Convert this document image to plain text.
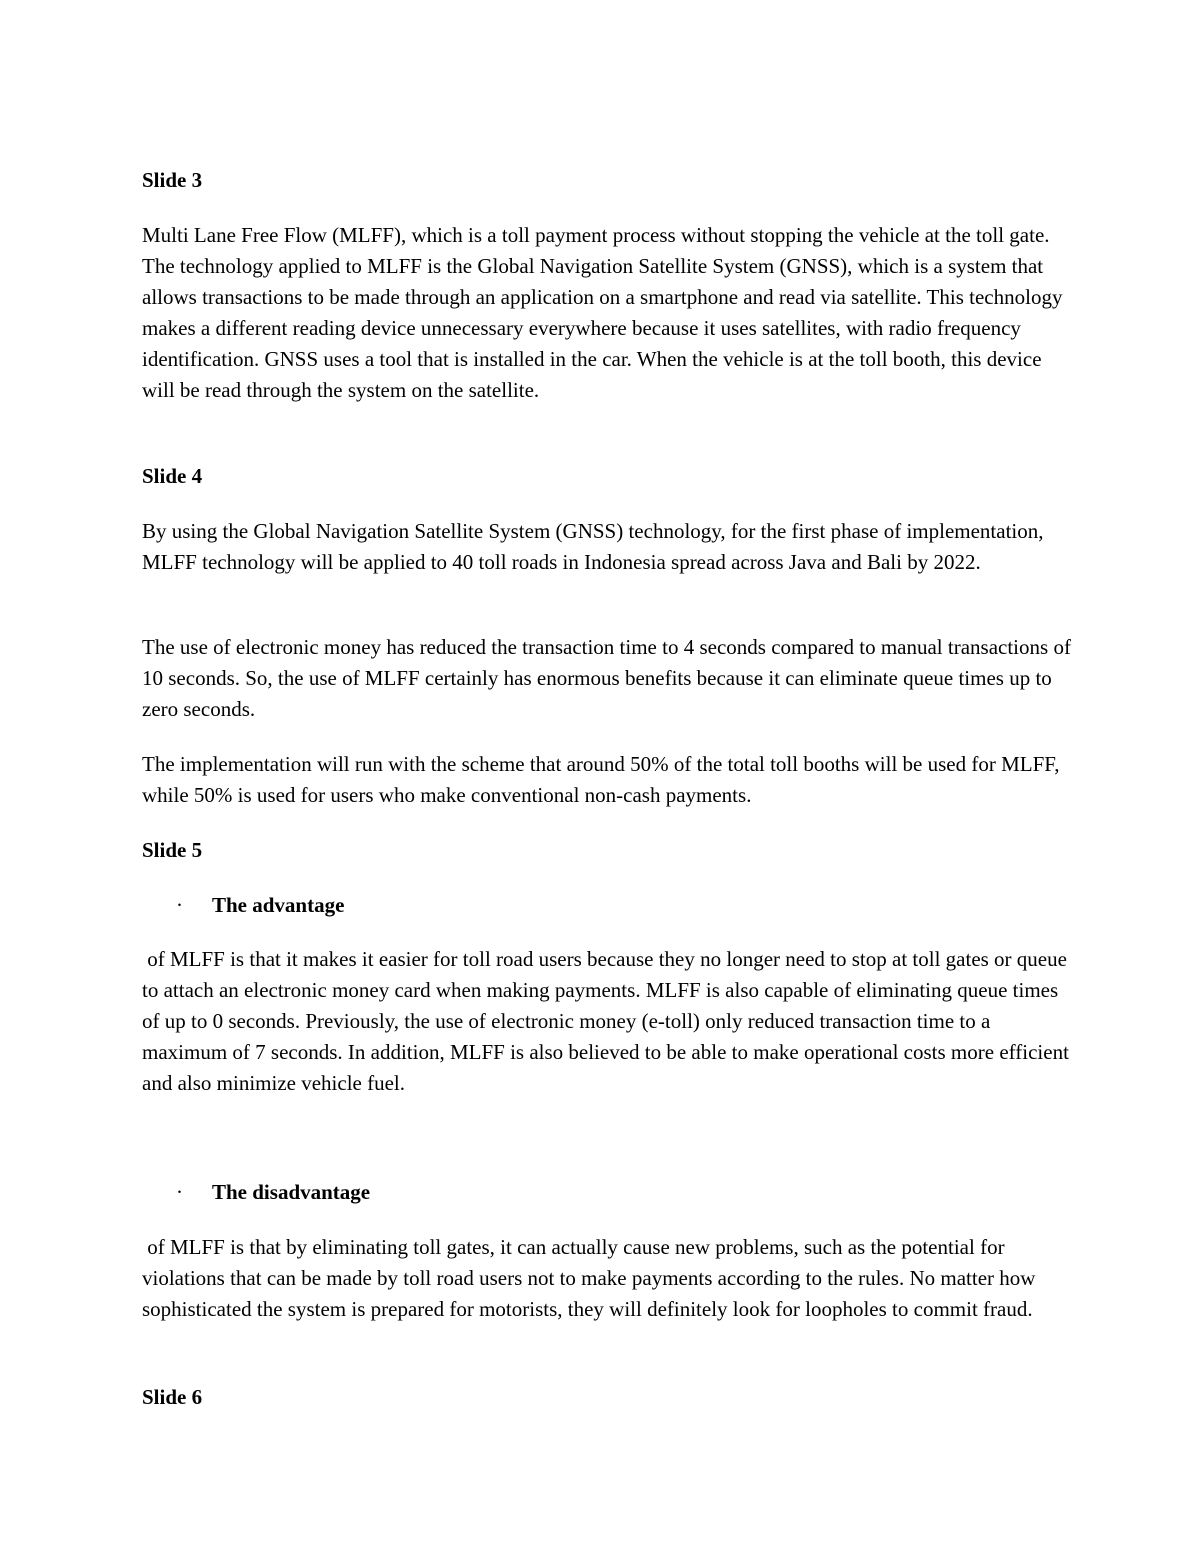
Slide 3

Multi Lane Free Flow (MLFF), which is a toll payment process without stopping the vehicle at the toll gate. The technology applied to MLFF is the Global Navigation Satellite System (GNSS), which is a system that allows transactions to be made through an application on a smartphone and read via satellite. This technology makes a different reading device unnecessary everywhere because it uses satellites, with radio frequency identification. GNSS uses a tool that is installed in the car. When the vehicle is at the toll booth, this device will be read through the system on the satellite.

Slide 4

By using the Global Navigation Satellite System (GNSS) technology, for the first phase of implementation, MLFF technology will be applied to 40 toll roads in Indonesia spread across Java and Bali by 2022.

The use of electronic money has reduced the transaction time to 4 seconds compared to manual transactions of 10 seconds. So, the use of MLFF certainly has enormous benefits because it can eliminate queue times up to zero seconds.

The implementation will run with the scheme that around 50% of the total toll booths will be used for MLFF, while 50% is used for users who make conventional non-cash payments.

Slide 5
·	The advantage

of MLFF is that it makes it easier for toll road users because they no longer need to stop at toll gates or queue to attach an electronic money card when making payments. MLFF is also capable of eliminating queue times of up to 0 seconds. Previously, the use of electronic money (e-toll) only reduced transaction time to a maximum of 7 seconds. In addition, MLFF is also believed to be able to make operational costs more efficient and also minimize vehicle fuel.

·	The disadvantage

of MLFF is that by eliminating toll gates, it can actually cause new problems, such as the potential for violations that can be made by toll road users not to make payments according to the rules. No matter how sophisticated the system is prepared for motorists, they will definitely look for loopholes to commit fraud.

Slide 6
